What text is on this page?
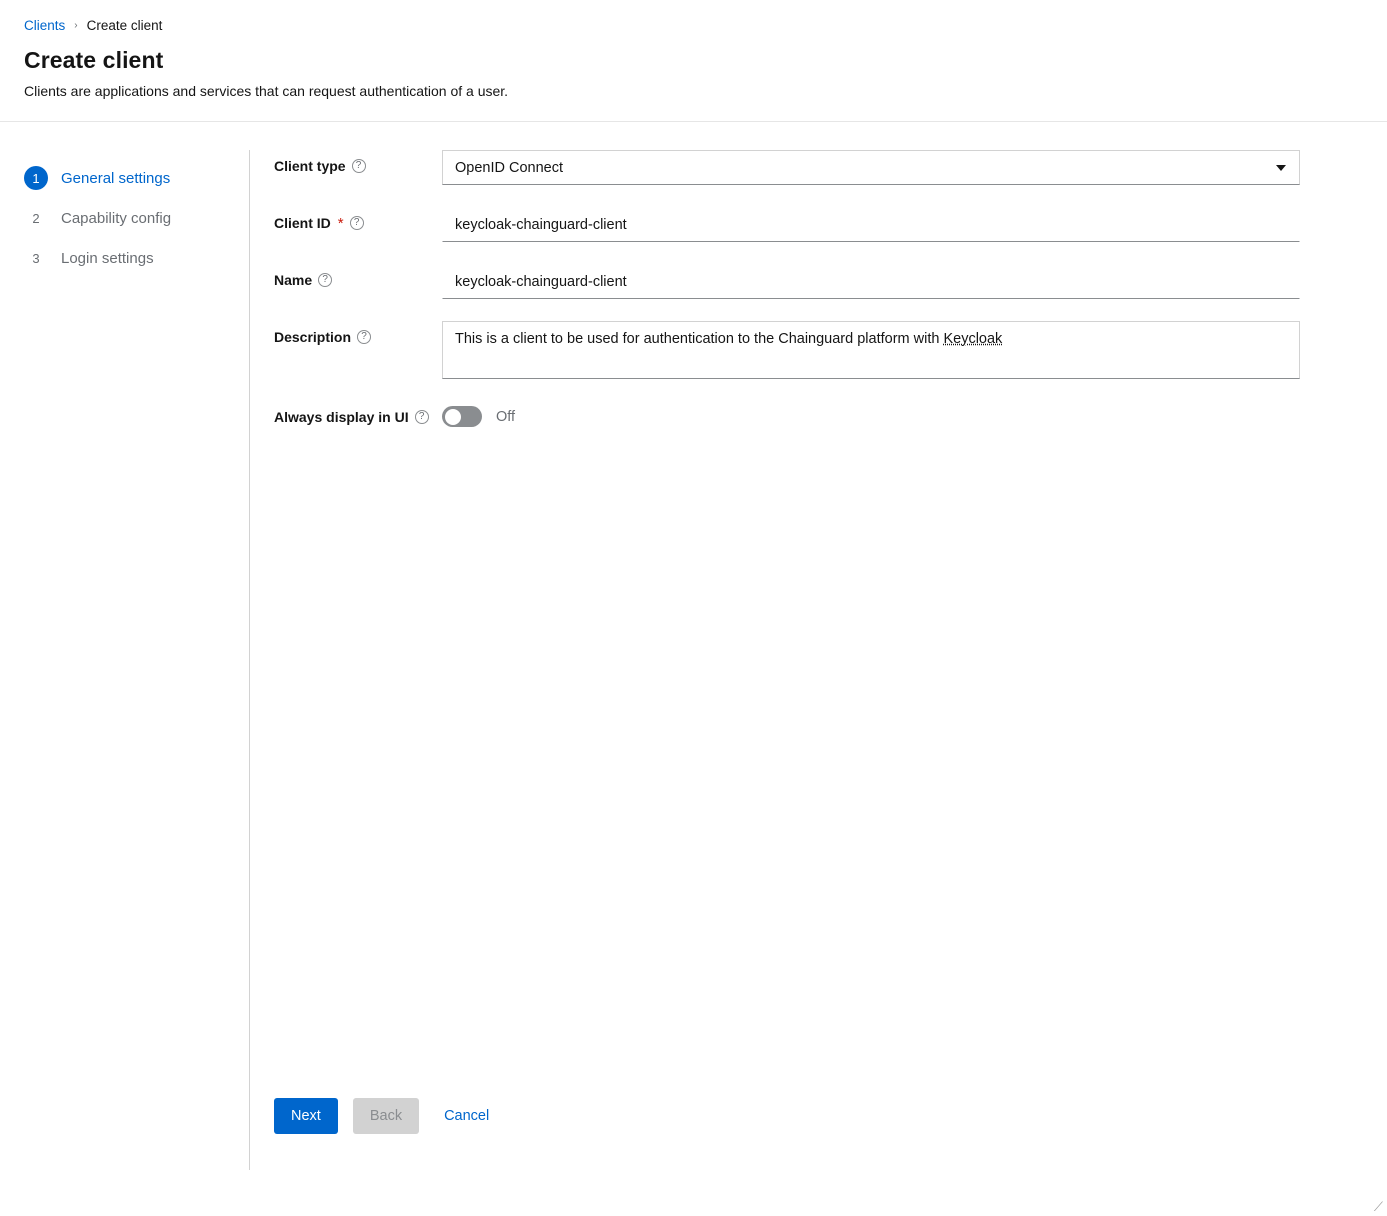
Clients › Create client
Create client

Clients are applications and services that can request authentication of a user.

1	General settings
2	Capability config
3	Login settings
Client type	?
OpenID Connect
Client ID *	?
keycloak-chainguard-client
Name	?
keycloak-chainguard-client
Description	?	This is a client to be used for authentication to the Chainguard platform with Keycloak
Always display in UI	?	Off
Next	Back	Cancel
⟋
